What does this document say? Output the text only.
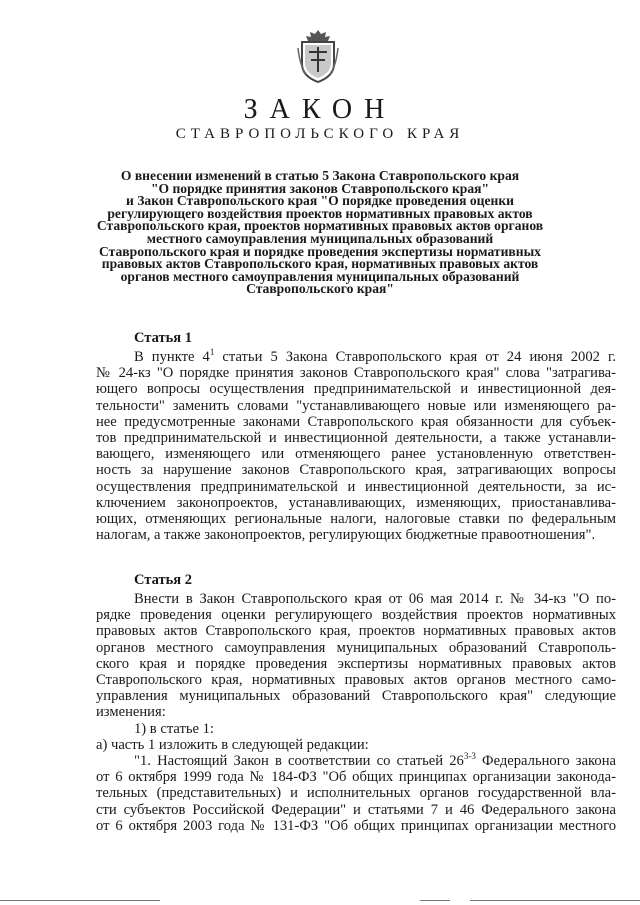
ЗАКОН
СТАВРОПОЛЬСКОГО КРАЯ
О внесении изменений в статью 5 Закона Ставропольского края
"О порядке принятия законов Ставропольского края"
и Закон Ставропольского края "О порядке проведения оценки
регулирующего воздействия проектов нормативных правовых актов
Ставропольского края, проектов нормативных правовых актов органов
местного самоуправления муниципальных образований
Ставропольского края и порядке проведения экспертизы нормативных
правовых актов Ставропольского края, нормативных правовых актов
органов местного самоуправления муниципальных образований
Ставропольского края"
Статья 1
В пункте $4^1$ статьи 5 Закона Ставропольского края от 24 июня 2002 г.
№ 24-кз "О порядке принятия законов Ставропольского края" слова "затрагива-
ющего вопросы осуществления предпринимательской и инвестиционной дея-
тельности" заменить словами "устанавливающего новые или изменяющего ра-
нее предусмотренные законами Ставропольского края обязанности для субъек-
тов предпринимательской и инвестиционной деятельности, а также устанавли-
вающего, изменяющего или отменяющего ранее установленную ответствен-
ность за нарушение законов Ставропольского края, затрагивающих вопросы
осуществления предпринимательской и инвестиционной деятельности, за ис-
ключением законопроектов, устанавливающих, изменяющих, приостанавлива-
ющих, отменяющих региональные налоги, налоговые ставки по федеральным
налогам, а также законопроектов, регулирующих бюджетные правоотношения".
Статья 2
Внести в Закон Ставропольского края от 06 мая 2014 г. № 34-кз "О по-
рядке проведения оценки регулирующего воздействия проектов нормативных
правовых актов Ставропольского края, проектов нормативных правовых актов
органов местного самоуправления муниципальных образований Ставрополь-
ского края и порядке проведения экспертизы нормативных правовых актов
Ставропольского края, нормативных правовых актов органов местного само-
управления муниципальных образований Ставропольского края" следующие
изменения:
1) в статье 1:
а) часть 1 изложить в следующей редакции:
"1. Настоящий Закон в соответствии со статьей 26$^{3-3}$ Федерального закона
от 6 октября 1999 года № 184-ФЗ "Об общих принципах организации законода-
тельных (представительных) и исполнительных органов государственной вла-
сти субъектов Российской Федерации" и статьями 7 и 46 Федерального закона
от 6 октября 2003 года № 131-ФЗ "Об общих принципах организации местного
